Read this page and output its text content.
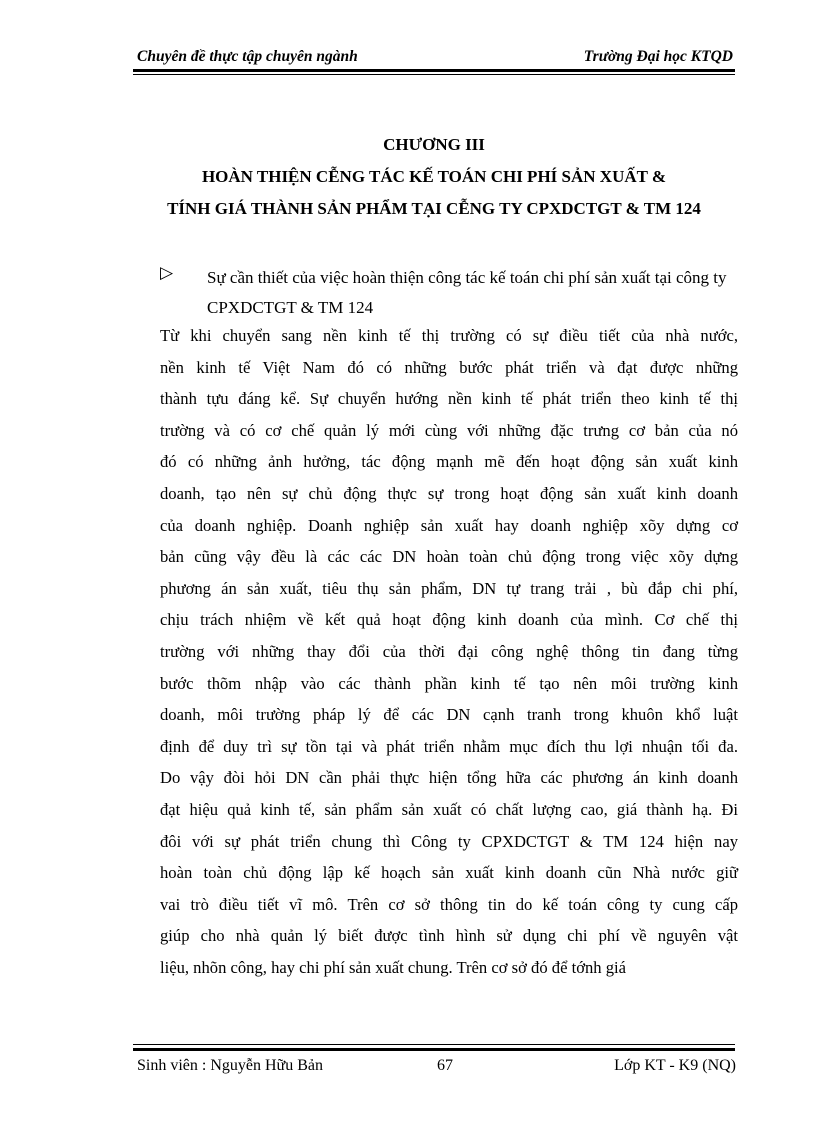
Chuyên đề thực tập chuyên ngành	Trường Đại học KTQD
CHƯƠNG III
HOÀN THIỆN CỄNG TÁC KẾ TOÁN CHI PHÍ SẢN XUẤT &
TÍNH GIÁ THÀNH SẢN PHẨM TẠI CỄNG TY CPXDCTGT & TM 124
▷ Sự cần thiết của việc hoàn thiện công tác kế toán chi phí sản xuất tại công ty CPXDCTGT & TM 124
Từ khi chuyển sang nền kinh tế thị trường có sự điều tiết của nhà nước,
nền kinh tế Việt Nam đó có những bước phát triển và đạt được những
thành tựu đáng kể. Sự chuyển hướng nền kinh tế phát triển theo kinh tế thị
trường và có cơ chế quản lý mới cùng với những đặc trưng cơ bản của nó
đó có những ảnh hưởng, tác động mạnh mẽ đến hoạt động sản xuất kinh
doanh, tạo nên sự chủ động thực sự trong hoạt động sản xuất kinh doanh
của doanh nghiệp. Doanh nghiệp sản xuất hay doanh nghiệp xõy dựng cơ
bản cũng vậy đều là các các DN hoàn toàn chủ động trong việc xõy dựng
phương án sản xuất, tiêu thụ sản phẩm, DN tự trang trải , bù đắp chi phí,
chịu trách nhiệm về kết quả hoạt động kinh doanh của mình. Cơ chế thị
trường với những thay đổi của thời đại công nghệ thông tin đang từng
bước thõm nhập vào các thành phần kinh tế tạo nên môi trường kinh
doanh, môi trường pháp lý để các DN cạnh tranh trong khuôn khổ luật
định để duy trì sự tồn tại và phát triển nhằm mục đích thu lợi nhuận tối đa.
Do vậy đòi hỏi DN cần phải thực hiện tổng hữa các phương án kinh doanh
đạt hiệu quả kinh tế, sản phẩm sản xuất có chất lượng cao, giá thành hạ. Đi
đôi với sự phát triển chung thì Công ty CPXDCTGT & TM 124 hiện nay
hoàn toàn chủ động lập kế hoạch sản xuất kinh doanh cũn Nhà nước giữ
vai trò điều tiết vĩ mô. Trên cơ sở thông tin do kế toán công ty cung cấp
giúp cho nhà quản lý biết được tình hình sử dụng chi phí về nguyên vật
liệu, nhõn công, hay chi phí sản xuất chung. Trên cơ sở đó để tớnh giá
Sinh viên : Nguyễn Hữu Bản	67	Lớp KT - K9 (NQ)
